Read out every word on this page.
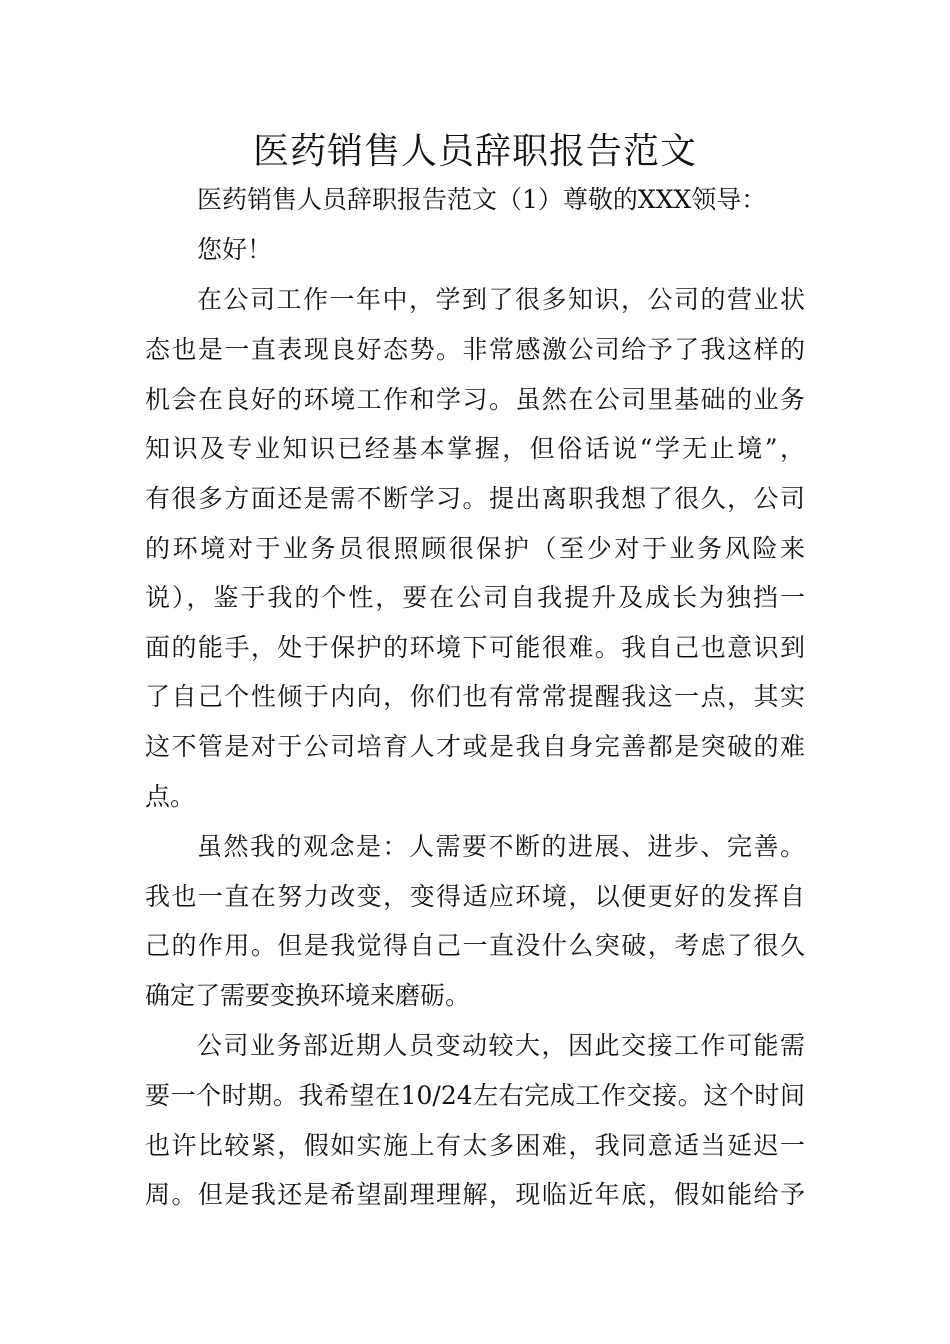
医药销售人员辞职报告范文
医药销售人员辞职报告范文（1）尊敬的XXX领导：
您好！
在公司工作一年中，学到了很多知识，公司的营业状
态也是一直表现良好态势。非常感激公司给予了我这样的
机会在良好的环境工作和学习。虽然在公司里基础的业务
知识及专业知识已经基本掌握，但俗话说“学无止境”，
有很多方面还是需不断学习。提出离职我想了很久，公司
的环境对于业务员很照顾很保护（至少对于业务风险来
说），鉴于我的个性，要在公司自我提升及成长为独挡一
面的能手，处于保护的环境下可能很难。我自己也意识到
了自己个性倾于内向，你们也有常常提醒我这一点，其实
这不管是对于公司培育人才或是我自身完善都是突破的难
点。
虽然我的观念是：人需要不断的进展、进步、完善。
我也一直在努力改变，变得适应环境，以便更好的发挥自
己的作用。但是我觉得自己一直没什么突破，考虑了很久
确定了需要变换环境来磨砺。
公司业务部近期人员变动较大，因此交接工作可能需
要一个时期。我希望在10/24左右完成工作交接。这个时间
也许比较紧，假如实施上有太多困难，我同意适当延迟一
周。但是我还是希望副理理解，现临近年底，假如能给予
